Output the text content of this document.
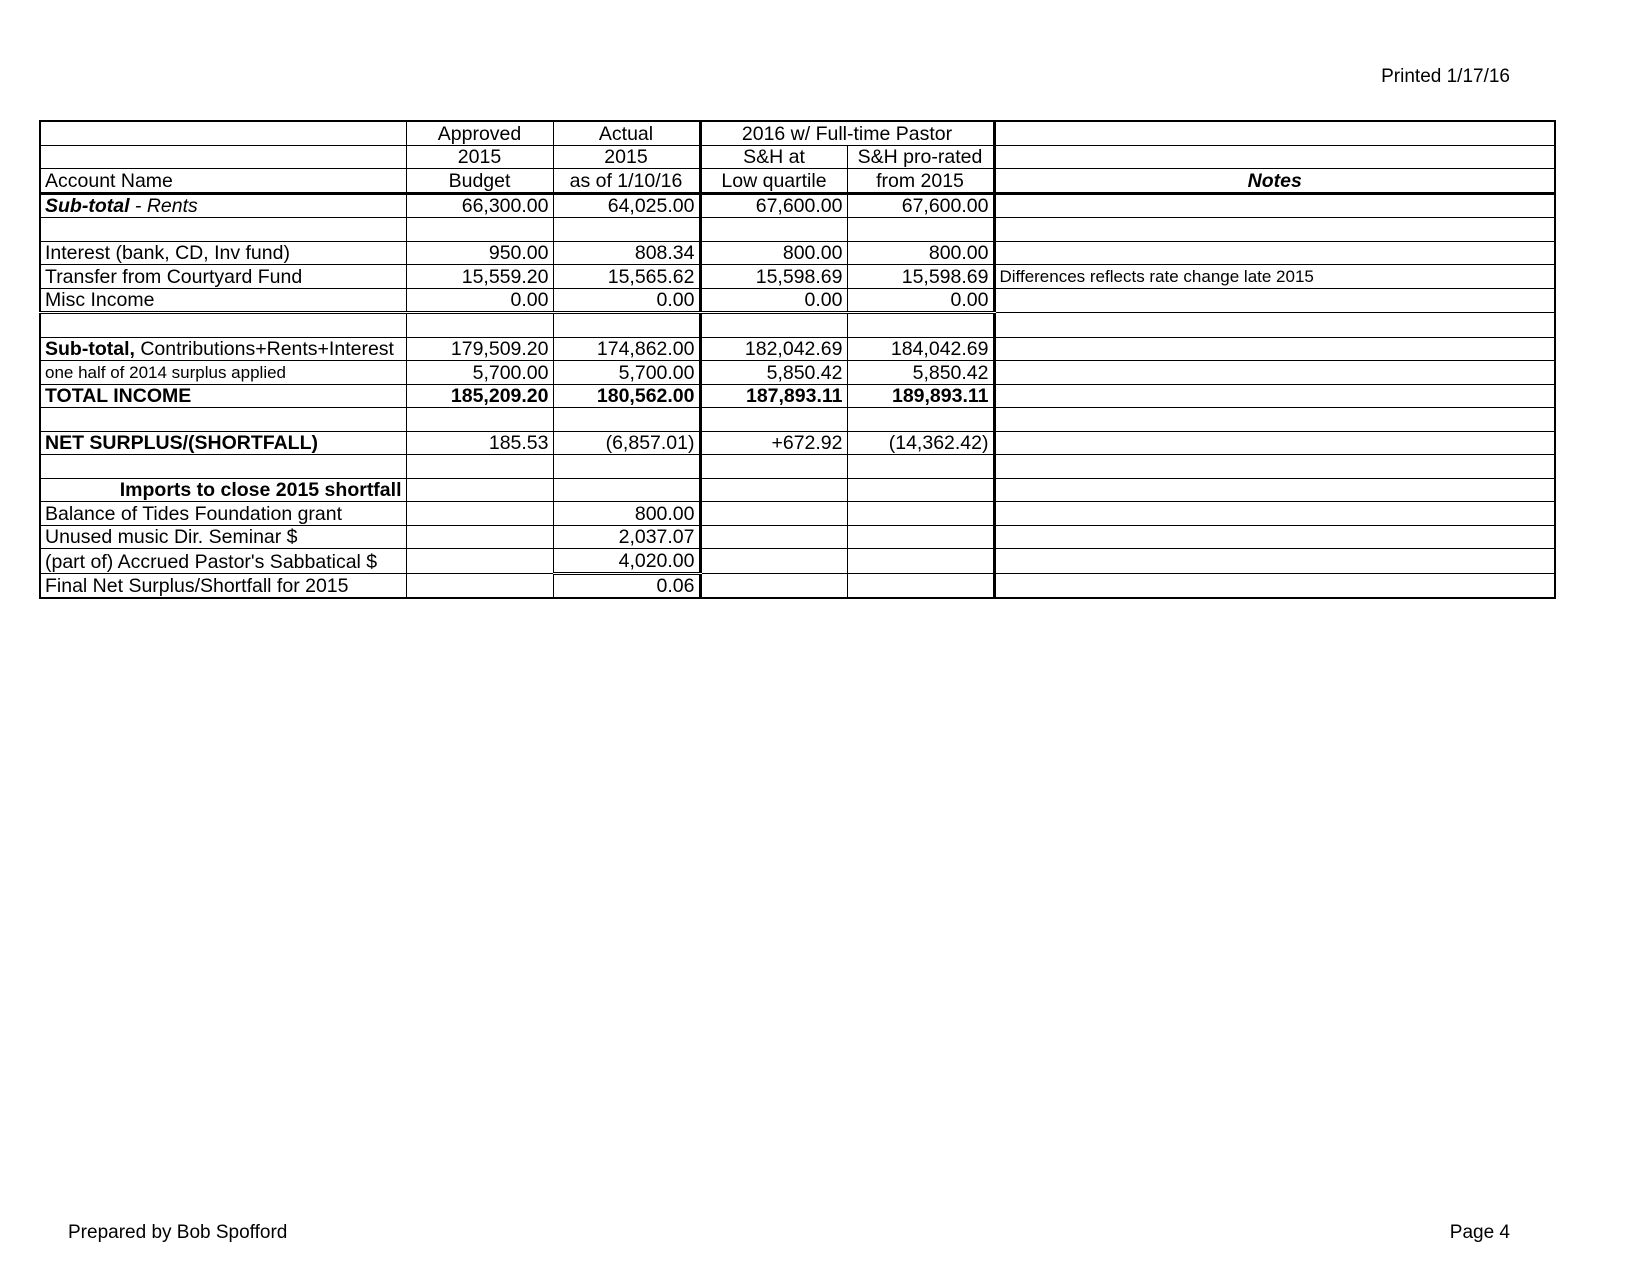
Printed 1/17/16
	Approved	Actual	2016 w/ Full-time Pastor		
	2015	2015	S&H at	S&H pro-rated	
Account Name	Budget	as of 1/10/16	Low quartile	from 2015	Notes
Sub-total - Rents	66,300.00	64,025.00	67,600.00	67,600.00	

Interest (bank, CD, Inv fund)	950.00	808.34	800.00	800.00	
Transfer from Courtyard Fund	15,559.20	15,565.62	15,598.69	15,598.69	Differences reflects rate change late 2015
Misc Income	0.00	0.00	0.00	0.00	

Sub-total, Contributions+Rents+Interest	179,509.20	174,862.00	182,042.69	184,042.69	
one half of 2014 surplus applied	5,700.00	5,700.00	5,850.42	5,850.42	
TOTAL INCOME	185,209.20	180,562.00	187,893.11	189,893.11	

NET SURPLUS/(SHORTFALL)	185.53	(6,857.01)	+672.92	(14,362.42)	

Imports to close 2015 shortfall					
Balance of Tides Foundation grant		800.00			
Unused music Dir. Seminar $		2,037.07			
(part of) Accrued Pastor's Sabbatical $		4,020.00			
Final Net Surplus/Shortfall for 2015		0.06			
Prepared by Bob Spofford	Page 4
